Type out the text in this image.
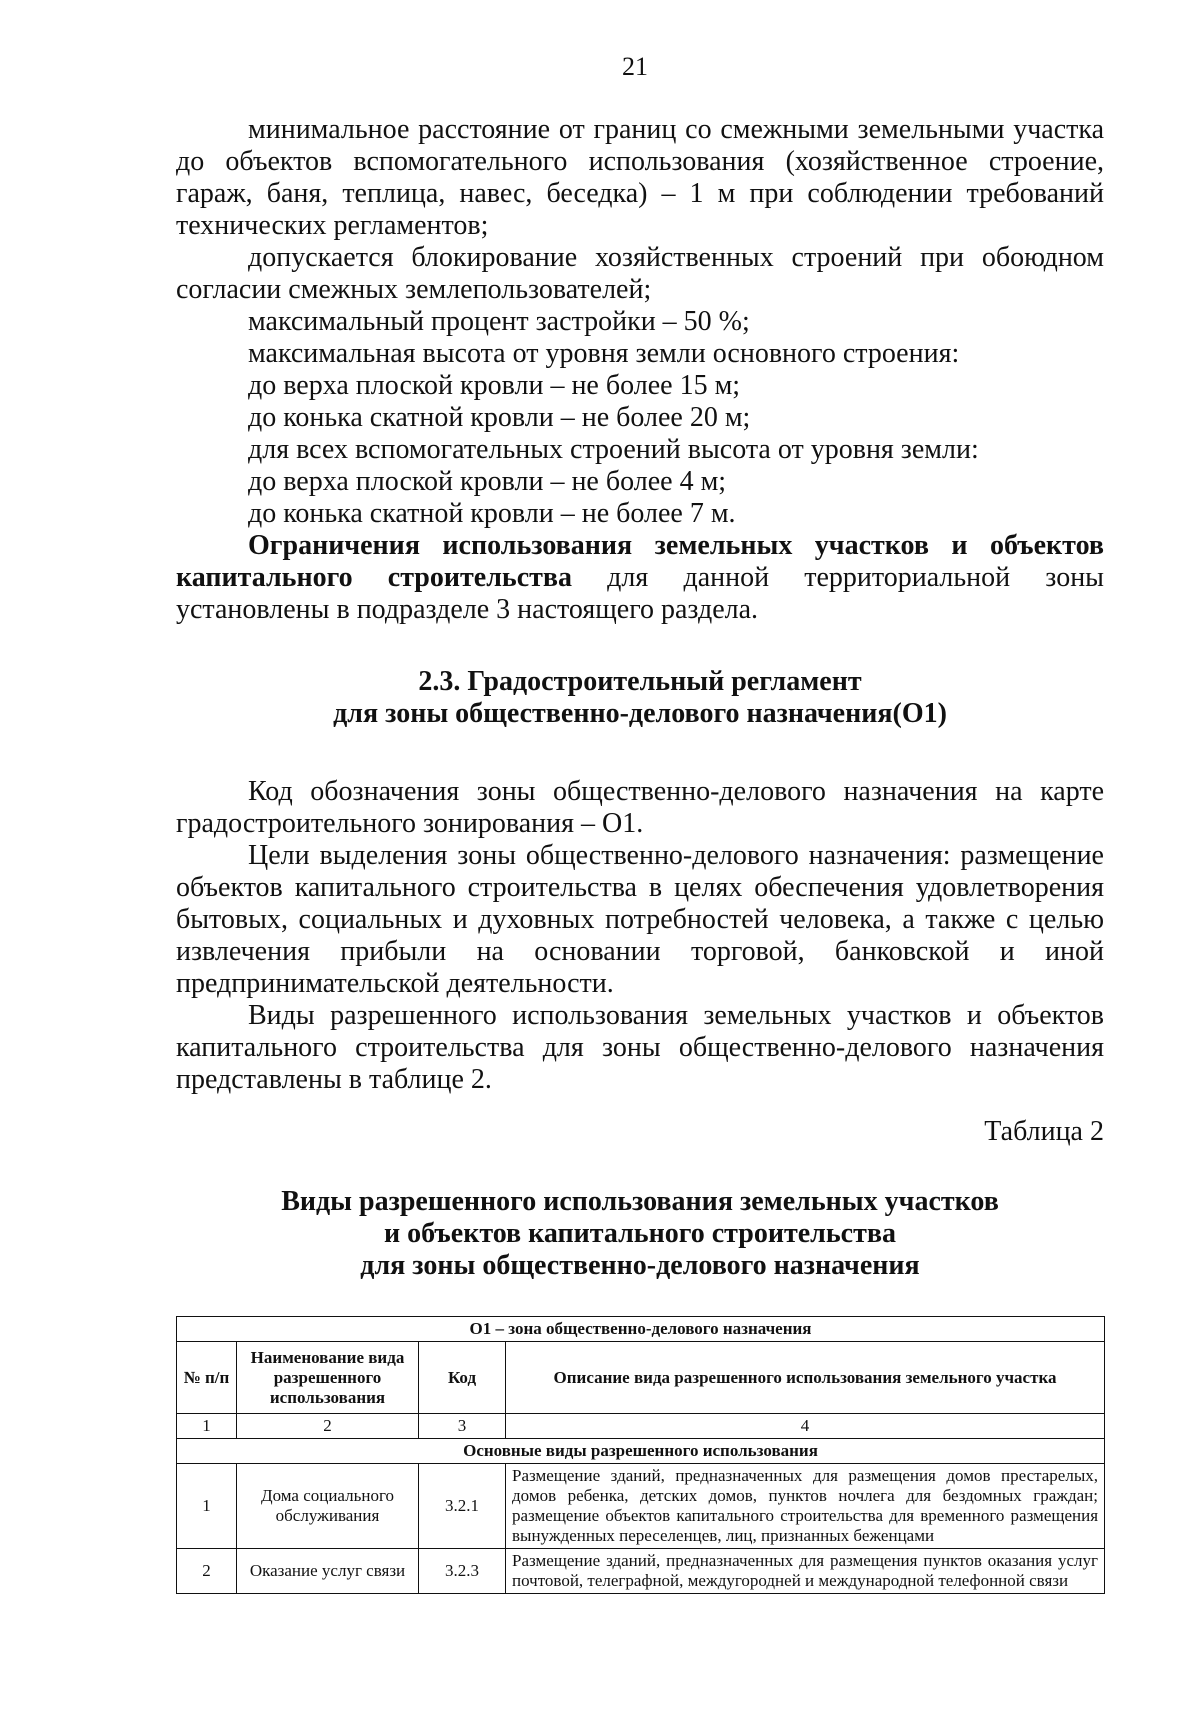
21

минимальное расстояние от границ со смежными земельными участка до объектов вспомогательного использования (хозяйственное строение, гараж, баня, теплица, навес, беседка) – 1 м при соблюдении требований технических регламентов;

допускается блокирование хозяйственных строений при обоюдном согласии смежных землепользователей;

максимальный процент застройки – 50 %;

максимальная высота от уровня земли основного строения:

до верха плоской кровли – не более 15 м;

до конька скатной кровли – не более 20 м;

для всех вспомогательных строений высота от уровня земли:

до верха плоской кровли – не более 4 м;

до конька скатной кровли – не более 7 м.

Ограничения использования земельных участков и объектов капитального строительства для данной территориальной зоны установлены в подразделе 3 настоящего раздела.

2.3. Градостроительный регламент
для зоны общественно-делового назначения(О1)

Код обозначения зоны общественно-делового назначения на карте градостроительного зонирования – О1.

Цели выделения зоны общественно-делового назначения: размещение объектов капитального строительства в целях обеспечения удовлетворения бытовых, социальных и духовных потребностей человека, а также с целью извлечения прибыли на основании торговой, банковской и иной предпринимательской деятельности.

Виды разрешенного использования земельных участков и объектов капитального строительства для зоны общественно-делового назначения представлены в таблице 2.

Таблица 2
Виды разрешенного использования земельных участков
и объектов капитального строительства
для зоны общественно-делового назначения
О1 – зона общественно-делового назначения			
№ п/п	Наименование вида разрешенного использования	Код	Описание вида разрешенного использования земельного участка
1	2	3	4
Основные виды разрешенного использования			
1	Дома социального обслуживания	3.2.1	Размещение зданий, предназначенных для размещения домов престарелых, домов ребенка, детских домов, пунктов ночлега для бездомных граждан; размещение объектов капитального строительства для временного размещения вынужденных переселенцев, лиц, признанных беженцами
2	Оказание услуг связи	3.2.3	Размещение зданий, предназначенных для размещения пунктов оказания услуг почтовой, телеграфной, междугородней и международной телефонной связи
